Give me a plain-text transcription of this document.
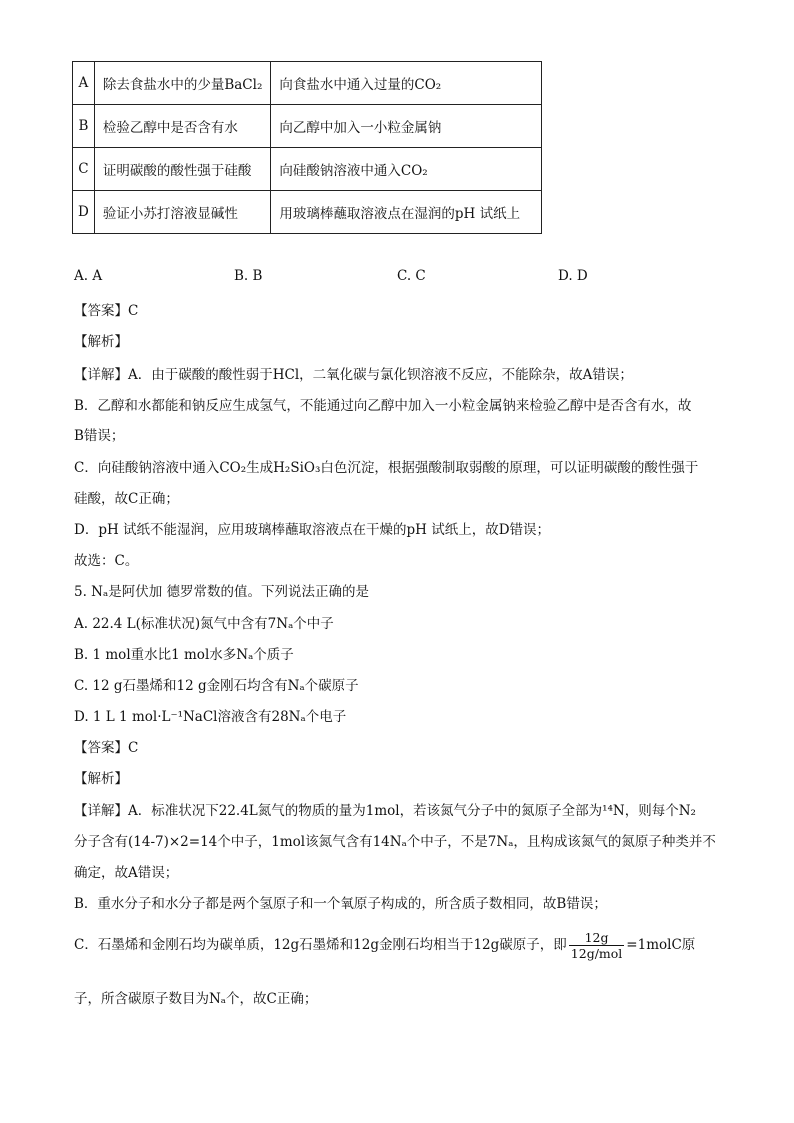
A	除去食盐水中的少量BaCl₂	向食盐水中通入过量的CO₂
B	检验乙醇中是否含有水	向乙醇中加入一小粒金属钠
C	证明碳酸的酸性强于硅酸	向硅酸钠溶液中通入CO₂
D	验证小苏打溶液显碱性	用玻璃棒蘸取溶液点在湿润的pH 试纸上
A. A	B. B	C. C	D. D
【答案】C
【解析】
【详解】A．由于碳酸的酸性弱于HCl，二氧化碳与氯化钡溶液不反应，不能除杂，故A错误；
B．乙醇和水都能和钠反应生成氢气，不能通过向乙醇中加入一小粒金属钠来检验乙醇中是否含有水，故
B错误；
C．向硅酸钠溶液中通入CO₂生成H₂SiO₃白色沉淀，根据强酸制取弱酸的原理，可以证明碳酸的酸性强于
硅酸，故C正确；
D．pH 试纸不能湿润，应用玻璃棒蘸取溶液点在干燥的pH 试纸上，故D错误；
故选：C。
5. Nₐ是阿伏加 德罗常数的值。下列说法正确的是
A. 22.4 L(标准状况)氮气中含有7Nₐ个中子
B. 1 mol重水比1 mol水多Nₐ个质子
C. 12 g石墨烯和12 g金刚石均含有Nₐ个碳原子
D. 1 L 1 mol·L⁻¹NaCl溶液含有28Nₐ个电子
【答案】C
【解析】
【详解】A．标准状况下22.4L氮气的物质的量为1mol，若该氮气分子中的氮原子全部为¹⁴N，则每个N₂
分子含有(14-7)×2=14个中子，1mol该氮气含有14Nₐ个中子，不是7Nₐ，且构成该氮气的氮原子种类并不
确定，故A错误；
B．重水分子和水分子都是两个氢原子和一个氧原子构成的，所含质子数相同，故B错误；
C．石墨烯和金刚石均为碳单质，12g石墨烯和12g金刚石均相当于12g碳原子，即 $\frac{12g}{\text{12g/mol}}$ =1molC原
子，所含碳原子数目为Nₐ个，故C正确；
